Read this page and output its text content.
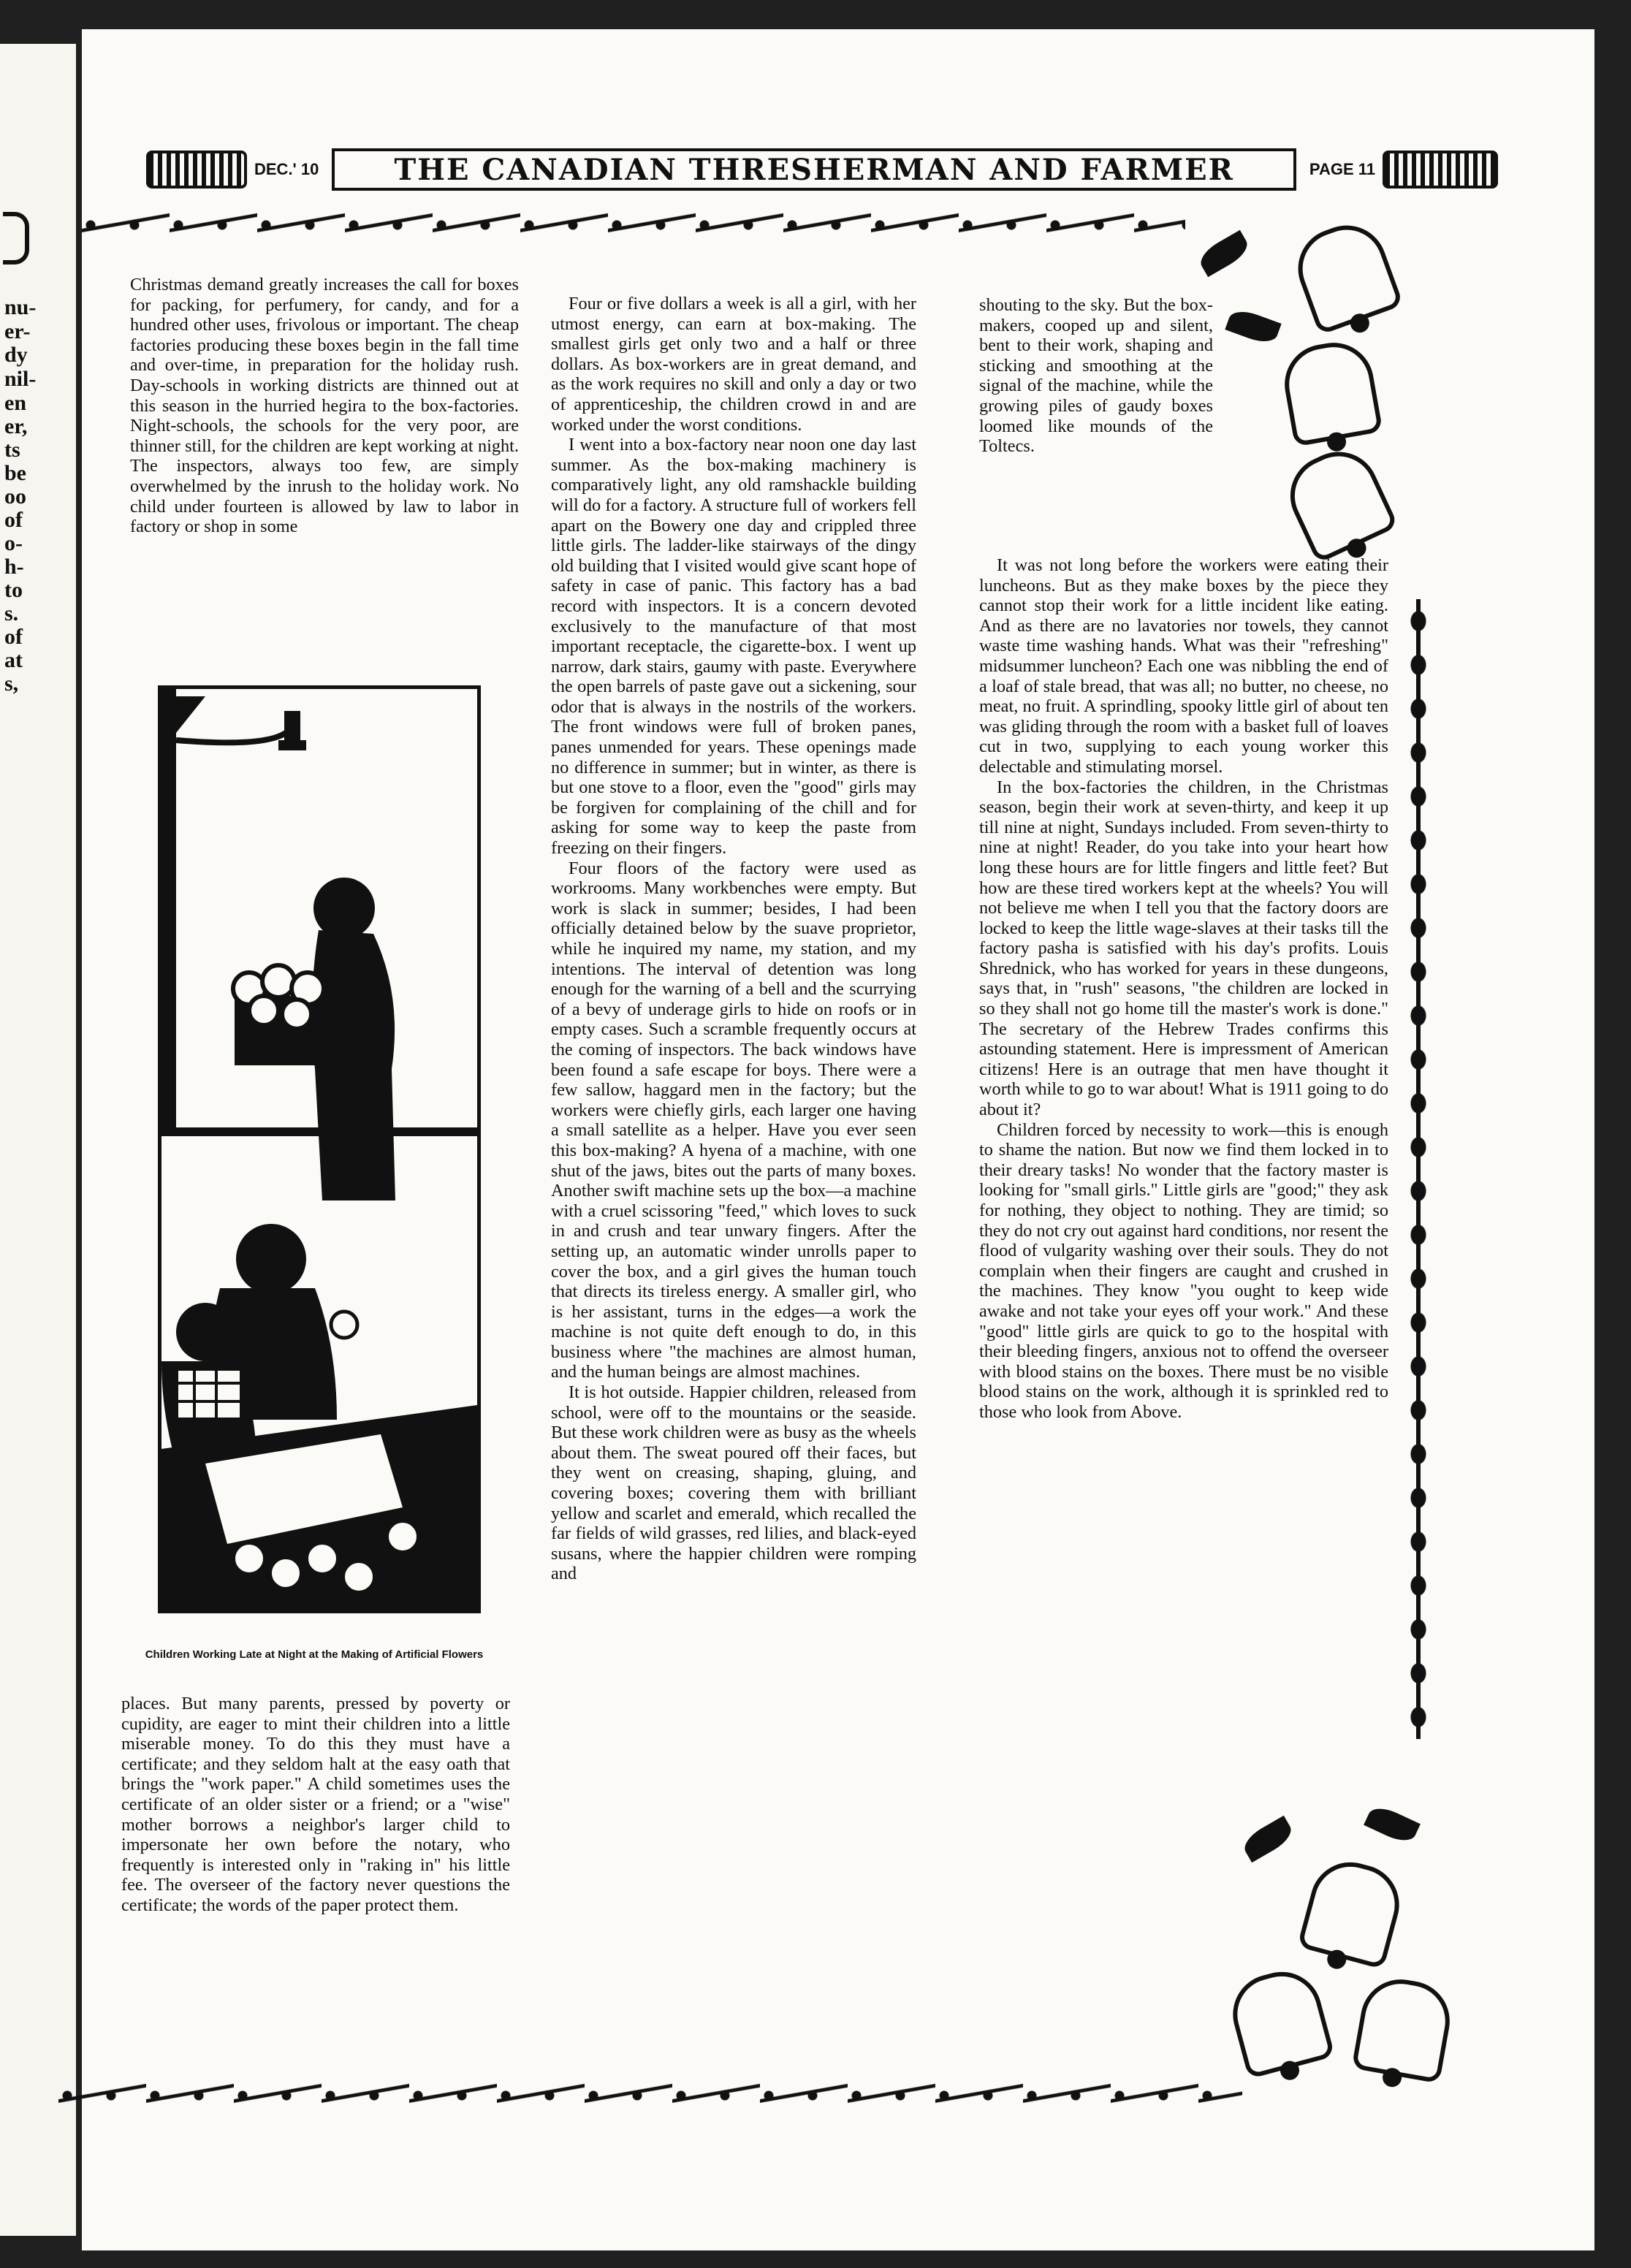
nu-
er-
dy
nil-
en
er,
ts
be
oo
of
o-
h-
to
s.
of
at
s,
DEC.' 10	THE CANADIAN THRESHERMAN AND FARMER	PAGE 11

Christmas demand greatly increases the call for boxes for packing, for perfumery, for candy, and for a hundred other uses, frivolous or important. The cheap factories producing these boxes begin in the fall time and over-time, in preparation for the holiday rush. Day-schools in working districts are thinned out at this season in the hurried hegira to the box-factories. Night-schools, the schools for the very poor, are thinner still, for the children are kept working at night. The inspectors, always too few, are simply overwhelmed by the inrush to the holiday work. No child under fourteen is allowed by law to labor in factory or shop in some

Children Working Late at Night at the Making of Artificial Flowers

places. But many parents, pressed by poverty or cupidity, are eager to mint their children into a little miserable money. To do this they must have a certificate; and they seldom halt at the easy oath that brings the "work paper." A child sometimes uses the certificate of an older sister or a friend; or a "wise" mother borrows a neighbor's larger child to impersonate her own before the notary, who frequently is interested only in "raking in" his little fee. The overseer of the factory never questions the certificate; the words of the paper protect them.

Four or five dollars a week is all a girl, with her utmost energy, can earn at box-making. The smallest girls get only two and a half or three dollars. As box-workers are in great demand, and as the work requires no skill and only a day or two of apprenticeship, the children crowd in and are worked under the worst conditions.

I went into a box-factory near noon one day last summer. As the box-making machinery is comparatively light, any old ramshackle building will do for a factory. A structure full of workers fell apart on the Bowery one day and crippled three little girls. The ladder-like stairways of the dingy old building that I visited would give scant hope of safety in case of panic. This factory has a bad record with inspectors. It is a concern devoted exclusively to the manufacture of that most important receptacle, the cigarette-box. I went up narrow, dark stairs, gaumy with paste. Everywhere the open barrels of paste gave out a sickening, sour odor that is always in the nostrils of the workers. The front windows were full of broken panes, panes unmended for years. These openings made no difference in summer; but in winter, as there is but one stove to a floor, even the "good" girls may be forgiven for complaining of the chill and for asking for some way to keep the paste from freezing on their fingers.

Four floors of the factory were used as workrooms. Many workbenches were empty. But work is slack in summer; besides, I had been officially detained below by the suave proprietor, while he inquired my name, my station, and my intentions. The interval of detention was long enough for the warning of a bell and the scurrying of a bevy of underage girls to hide on roofs or in empty cases. Such a scramble frequently occurs at the coming of inspectors. The back windows have been found a safe escape for boys. There were a few sallow, haggard men in the factory; but the workers were chiefly girls, each larger one having a small satellite as a helper. Have you ever seen this box-making? A hyena of a machine, with one shut of the jaws, bites out the parts of many boxes. Another swift machine sets up the box—a machine with a cruel scissoring "feed," which loves to suck in and crush and tear unwary fingers. After the setting up, an automatic winder unrolls paper to cover the box, and a girl gives the human touch that directs its tireless energy. A smaller girl, who is her assistant, turns in the edges—a work the machine is not quite deft enough to do, in this business where "the machines are almost human, and the human beings are almost machines.

It is hot outside. Happier children, released from school, were off to the mountains or the seaside. But these work children were as busy as the wheels about them. The sweat poured off their faces, but they went on creasing, shaping, gluing, and covering boxes; covering them with brilliant yellow and scarlet and emerald, which recalled the far fields of wild grasses, red lilies, and black-eyed susans, where the happier children were romping and

shouting to the sky. But the box-makers, cooped up and silent, bent to their work, shaping and sticking and smoothing at the signal of the machine, while the growing piles of gaudy boxes loomed like mounds of the Toltecs.

It was not long before the workers were eating their luncheons. But as they make boxes by the piece they cannot stop their work for a little incident like eating. And as there are no lavatories nor towels, they cannot waste time washing hands. What was their "refreshing" midsummer luncheon? Each one was nibbling the end of a loaf of stale bread, that was all; no butter, no cheese, no meat, no fruit. A sprindling, spooky little girl of about ten was gliding through the room with a basket full of loaves cut in two, supplying to each young worker this delectable and stimulating morsel.

In the box-factories the children, in the Christmas season, begin their work at seven-thirty, and keep it up till nine at night, Sundays included. From seven-thirty to nine at night! Reader, do you take into your heart how long these hours are for little fingers and little feet? But how are these tired workers kept at the wheels? You will not believe me when I tell you that the factory doors are locked to keep the little wage-slaves at their tasks till the factory pasha is satisfied with his day's profits. Louis Shrednick, who has worked for years in these dungeons, says that, in "rush" seasons, "the children are locked in so they shall not go home till the master's work is done." The secretary of the Hebrew Trades confirms this astounding statement. Here is impressment of American citizens! Here is an outrage that men have thought it worth while to go to war about! What is 1911 going to do about it?

Children forced by necessity to work—this is enough to shame the nation. But now we find them locked in to their dreary tasks! No wonder that the factory master is looking for "small girls." Little girls are "good;" they ask for nothing, they object to nothing. They are timid; so they do not cry out against hard conditions, nor resent the flood of vulgarity washing over their souls. They do not complain when their fingers are caught and crushed in the machines. They know "you ought to keep wide awake and not take your eyes off your work." And these "good" little girls are quick to go to the hospital with their bleeding fingers, anxious not to offend the overseer with blood stains on the boxes. There must be no visible blood stains on the work, although it is sprinkled red to those who look from Above.
